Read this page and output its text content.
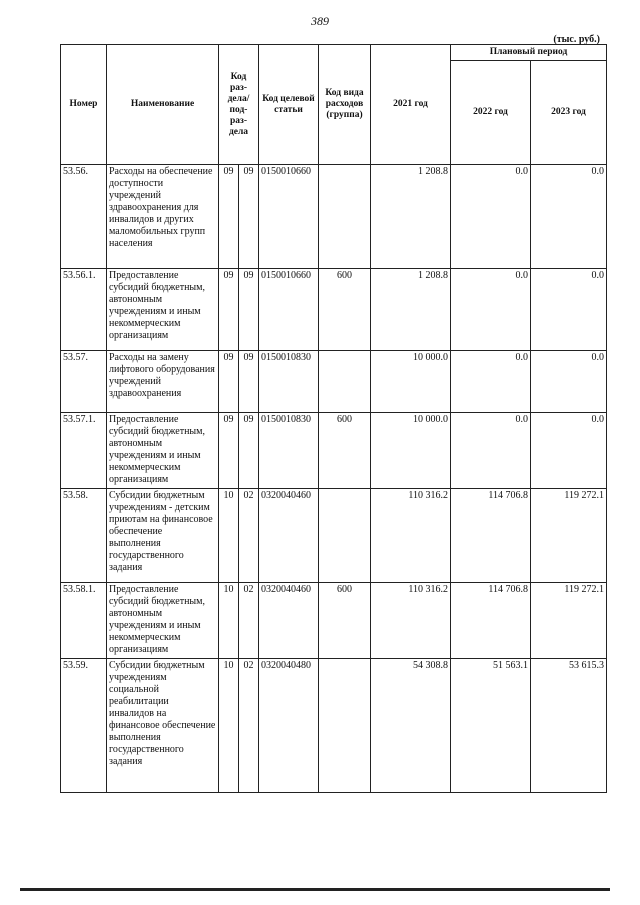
389
(тыс. руб.)
Номер	Наименование	Код раз- дела/ под- раз- дела		Код целевой статьи	Код вида расходов (группа)	2021 год	Плановый период	
							2022 год	2023 год
53.56.	Расходы на обеспечение доступности учреждений здравоохранения для инвалидов и других маломобильных групп населения	09	09	0150010660		1 208.8	0.0	0.0
53.56.1.	Предоставление субсидий бюджетным, автономным учреждениям и иным некоммерческим организациям	09	09	0150010660	600	1 208.8	0.0	0.0
53.57.	Расходы на замену лифтового оборудования учреждений здравоохранения	09	09	0150010830		10 000.0	0.0	0.0
53.57.1.	Предоставление субсидий бюджетным, автономным учреждениям и иным некоммерческим организациям	09	09	0150010830	600	10 000.0	0.0	0.0
53.58.	Субсидии бюджетным учреждениям - детским приютам на финансовое обеспечение выполнения государственного задания	10	02	0320040460		110 316.2	114 706.8	119 272.1
53.58.1.	Предоставление субсидий бюджетным, автономным учреждениям и иным некоммерческим организациям	10	02	0320040460	600	110 316.2	114 706.8	119 272.1
53.59.	Субсидии бюджетным учреждениям социальной реабилитации инвалидов на финансовое обеспечение выполнения государственного задания	10	02	0320040480		54 308.8	51 563.1	53 615.3
